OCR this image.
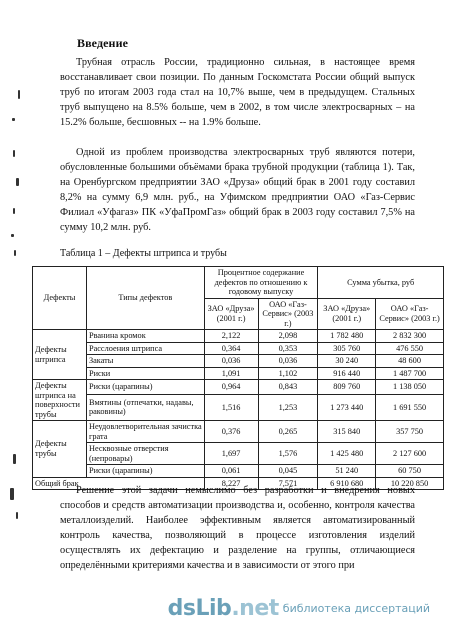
Введение

Трубная отрасль России, традиционно сильная, в настоящее время восстанавливает свои позиции. По данным Госкомстата России общий выпуск труб по итогам 2003 года стал на 10,7% выше, чем в предыдущем. Стальных труб выпущено на 8.5% больше, чем в 2002, в том числе электросварных – на 15.2% больше, бесшовных -- на 1.9% больше.

Одной из проблем производства электросварных труб являются потери, обусловленные большими объёмами брака трубной продукции (таблица 1). Так, на Оренбургском предприятии ЗАО «Друза» общий брак в 2001 году составил 8,2% на сумму 6,9 млн. руб., на Уфимском предприятии ОАО «Газ-Сервис Филиал «Уфагаз» ПК «УфаПромГаз» общий брак в 2003 году составил 7,5% на сумму 10,2 млн. руб.

Таблица 1 – Дефекты штрипса и трубы
Дефекты	Типы дефектов	Процентное содержание дефектов по отношению к годовому выпуску		Сумма убытка, руб	
		ЗАО «Друза» (2001 г.)	ОАО «Газ-Сервис» (2003 г.)	ЗАО «Друза» (2001 г.)	ОАО «Газ-Сервис» (2003 г.)
Дефекты штрипса	Рванина кромок	2,122	2,098	1 782 480	2 832 300
	Расслоения штрипса	0,364	0,353	305 760	476 550
	Закаты	0,036	0,036	30 240	48 600
	Риски	1,091	1,102	916 440	1 487 700
Дефекты штрипса на поверхности трубы	Риски (царапины)	0,964	0,843	809 760	1 138 050
	Вмятины (отпечатки, надавы, раковины)	1,516	1,253	1 273 440	1 691 550
Дефекты трубы	Неудовлетворительная зачистка грата	0,376	0,265	315 840	357 750
	Несквозные отверстия (непровары)	1,697	1,576	1 425 480	2 127 600
	Риски (царапины)	0,061	0,045	51 240	60 750
Общий брак		8,227	7,571	6 910 680	10 220 850

Решение этой задачи немыслимо без разработки и внедрения новых способов и средств автоматизации производства и, особенно, контроля качества металлоизделий. Наиболее эффективным является автоматизированный контроль качества, позволяющий в процессе изготовления изделий осуществлять их дефектацию и разделение на группы, отличающиеся определёнными критериями качества и в зависимости от этого при

dsLib.net библиотека диссертаций
